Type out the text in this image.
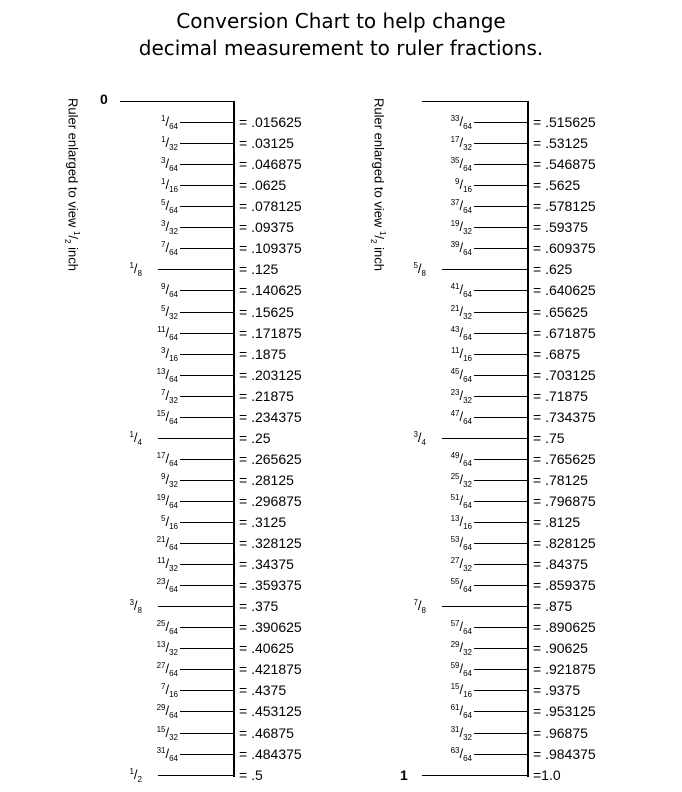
Conversion Chart to help change
decimal measurement to ruler fractions.
Ruler enlarged to view $^1/_2$ inch
0
$^1/_{64}$	= .015625
$^1/_{32}$	= .03125
$^3/_{64}$	= .046875
$^1/_{16}$	= .0625
$^5/_{64}$	= .078125
$^3/_{32}$	= .09375
$^7/_{64}$	= .109375
$^1/_8$	= .125
$^9/_{64}$	= .140625
$^5/_{32}$	= .15625
$^{11}/_{64}$	= .171875
$^3/_{16}$	= .1875
$^{13}/_{64}$	= .203125
$^7/_{32}$	= .21875
$^{15}/_{64}$	= .234375
$^1/_4$	= .25
$^{17}/_{64}$	= .265625
$^9/_{32}$	= .28125
$^{19}/_{64}$	= .296875
$^5/_{16}$	= .3125
$^{21}/_{64}$	= .328125
$^{11}/_{32}$	= .34375
$^{23}/_{64}$	= .359375
$^3/_8$	= .375
$^{25}/_{64}$	= .390625
$^{13}/_{32}$	= .40625
$^{27}/_{64}$	= .421875
$^7/_{16}$	= .4375
$^{29}/_{64}$	= .453125
$^{15}/_{32}$	= .46875
$^{31}/_{64}$	= .484375
$^1/_2$	= .5
Ruler enlarged to view $^1/_2$ inch
$^{33}/_{64}$	= .515625
$^{17}/_{32}$	= .53125
$^{35}/_{64}$	= .546875
$^9/_{16}$	= .5625
$^{37}/_{64}$	= .578125
$^{19}/_{32}$	= .59375
$^{39}/_{64}$	= .609375
$^5/_8$	= .625
$^{41}/_{64}$	= .640625
$^{21}/_{32}$	= .65625
$^{43}/_{64}$	= .671875
$^{11}/_{16}$	= .6875
$^{45}/_{64}$	= .703125
$^{23}/_{32}$	= .71875
$^{47}/_{64}$	= .734375
$^3/_4$	= .75
$^{49}/_{64}$	= .765625
$^{25}/_{32}$	= .78125
$^{51}/_{64}$	= .796875
$^{13}/_{16}$	= .8125
$^{53}/_{64}$	= .828125
$^{27}/_{32}$	= .84375
$^{55}/_{64}$	= .859375
$^7/_8$	= .875
$^{57}/_{64}$	= .890625
$^{29}/_{32}$	= .90625
$^{59}/_{64}$	= .921875
$^{15}/_{16}$	= .9375
$^{61}/_{64}$	= .953125
$^{31}/_{32}$	= .96875
$^{63}/_{64}$	= .984375
1	=1.0
